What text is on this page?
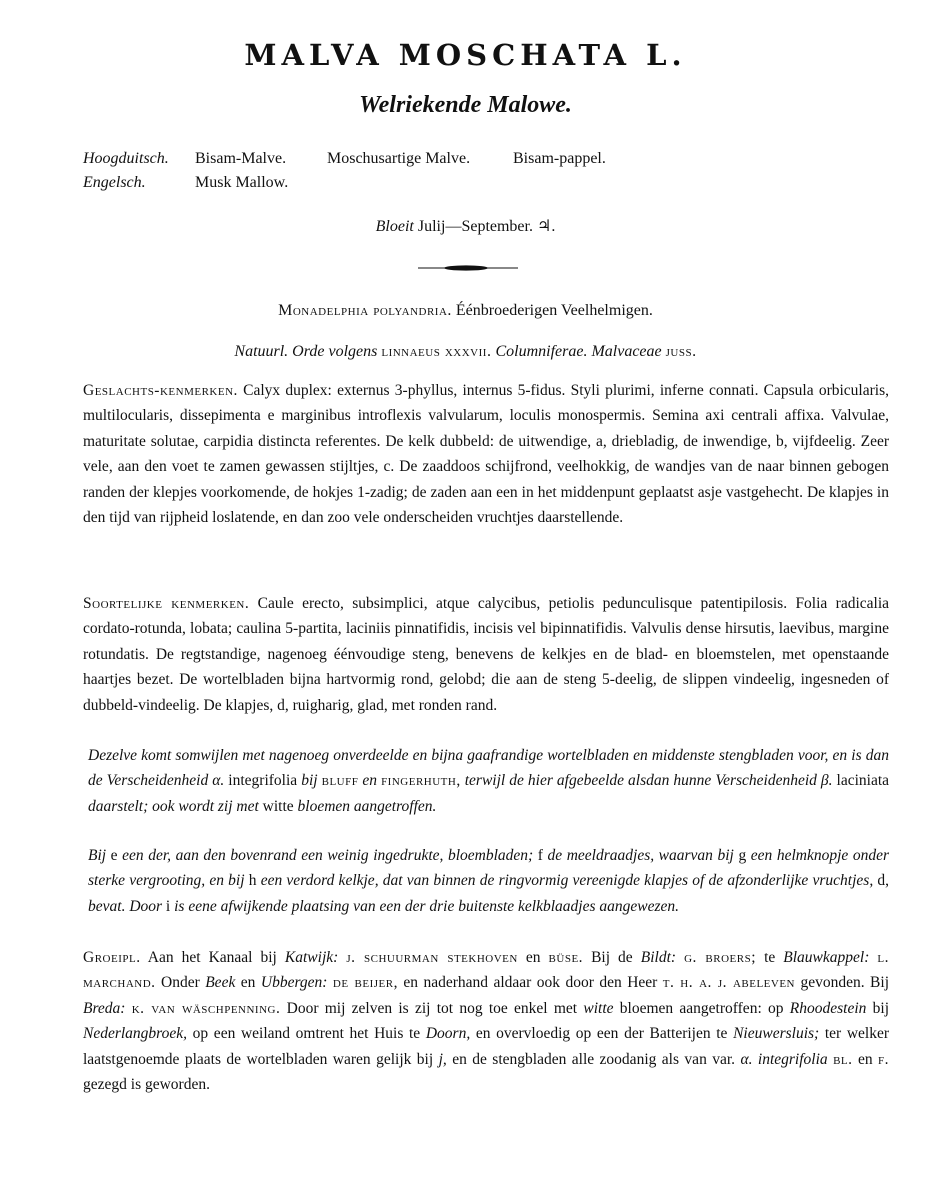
MALVA MOSCHATA L.
Welriekende Malowe.
Hoogduitsch. Bisam-Malve.	Moschusartige Malve.	Bisam-pappel.
Engelsch.	Musk Mallow.
Bloeit Julij—September. ♃.
Monadelphia polyandria. Éénbroederigen Veelhelmigen.
Natuurl. Orde volgens linnaeus xxxvii. Columniferae. Malvaceae juss.
Geslachts-kenmerken. Calyx duplex: externus 3-phyllus, internus 5-fidus. Styli plurimi, inferne connati. Capsula orbicularis, multilocularis, dissepimenta e marginibus introflexis valvularum, loculis monospermis. Semina axi centrali affixa. Valvulae, maturitate solutae, carpidia distincta referentes. De kelk dubbeld: de uitwendige, a, driebladig, de inwendige, b, vijfdeelig. Zeer vele, aan den voet te zamen gewassen stijltjes, c. De zaaddoos schijfrond, veelhokkig, de wandjes van de naar binnen gebogen randen der klepjes voorkomende, de hokjes 1-zadig; de zaden aan een in het middenpunt geplaatst asje vastgehecht. De klapjes in den tijd van rijpheid loslatende, en dan zoo vele onderscheiden vruchtjes daarstellende.
Soortelijke kenmerken. Caule erecto, subsimplici, atque calycibus, petiolis pedunculisque patentipilosis. Folia radicalia cordato-rotunda, lobata; caulina 5-partita, laciniis pinnatifidis, incisis vel bipinnatifidis. Valvulis dense hirsutis, laevibus, margine rotundatis. De regtstandige, nagenoeg éénvoudige steng, benevens de kelkjes en de blad- en bloemstelen, met openstaande haartjes bezet. De wortelbladen bijna hartvormig rond, gelobd; die aan de steng 5-deelig, de slippen vindeelig, ingesneden of dubbeld-vindeelig. De klapjes, d, ruigharig, glad, met ronden rand.
Dezelve komt somwijlen met nagenoeg onverdeelde en bijna gaafrandige wortelbladen en middenste stengbladen voor, en is dan de Verscheidenheid α. integrifolia bij bluff en fingerhuth, terwijl de hier afgebeelde alsdan hunne Verscheidenheid β. laciniata daarstelt; ook wordt zij met witte bloemen aangetroffen.
Bij e een der, aan den bovenrand een weinig ingedrukte, bloembladen; f de meeldraadjes, waarvan bij g een helmknopje onder sterke vergrooting, en bij h een verdord kelkje, dat van binnen de ringvormig vereenigde klapjes of de afzonderlijke vruchtjes, d, bevat. Door i is eene afwijkende plaatsing van een der drie buitenste kelkblaadjes aangewezen.
Groeipl. Aan het Kanaal bij Katwijk: j. schuurman stekhoven en büse. Bij de Bildt: g. broers; te Blauwkappel: l. marchand. Onder Beek en Ubbergen: de beijer, en naderhand aldaar ook door den Heer t. h. a. j. abeleven gevonden. Bij Breda: k. van wäschpenning. Door mij zelven is zij tot nog toe enkel met witte bloemen aangetroffen: op Rhoodestein bij Nederlangbroek, op een weiland omtrent het Huis te Doorn, en overvloedig op een der Batterijen te Nieuwersluis; ter welker laatstgenoemde plaats de wortelbladen waren gelijk bij j, en de stengbladen alle zoodanig als van var. α. integrifolia bl. en f. gezegd is geworden.
